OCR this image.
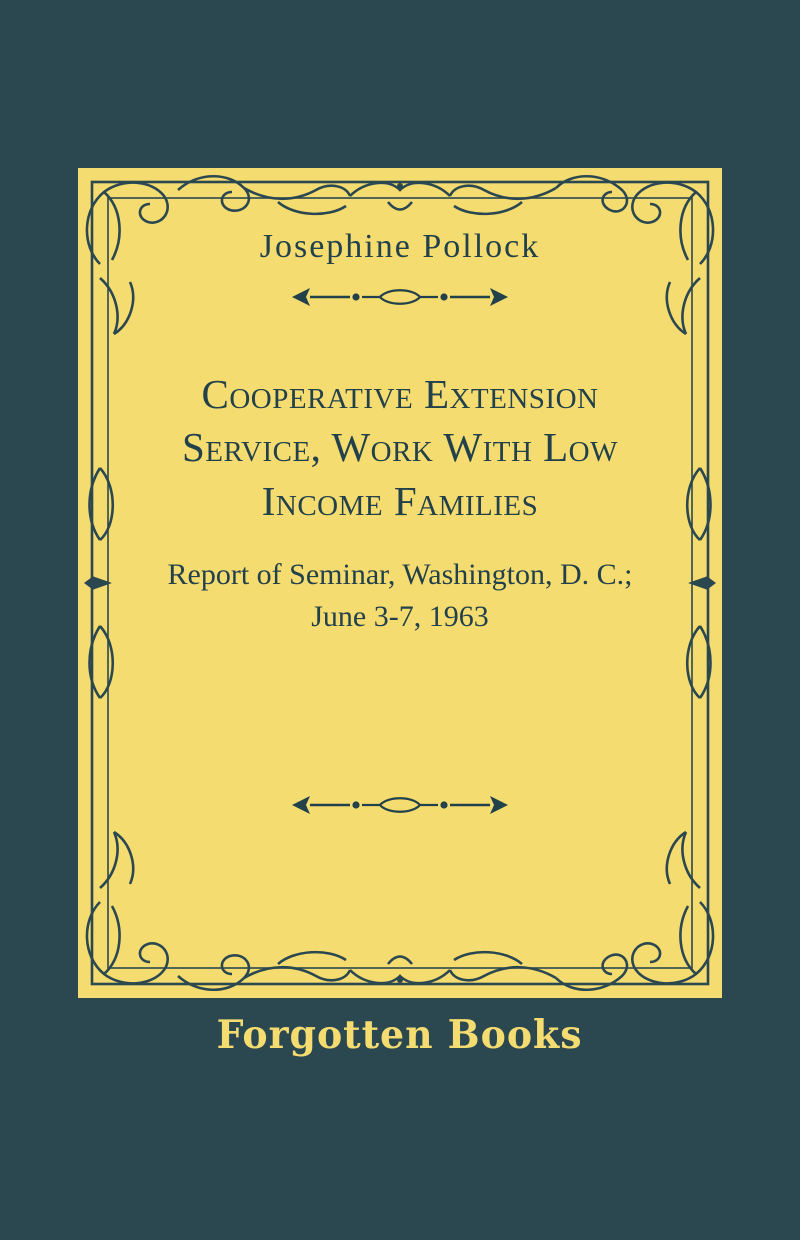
Josephine Pollock
Cooperative Extension Service, Work With Low Income Families
Report of Seminar, Washington, D. C.; June 3-7, 1963
Forgotten Books
